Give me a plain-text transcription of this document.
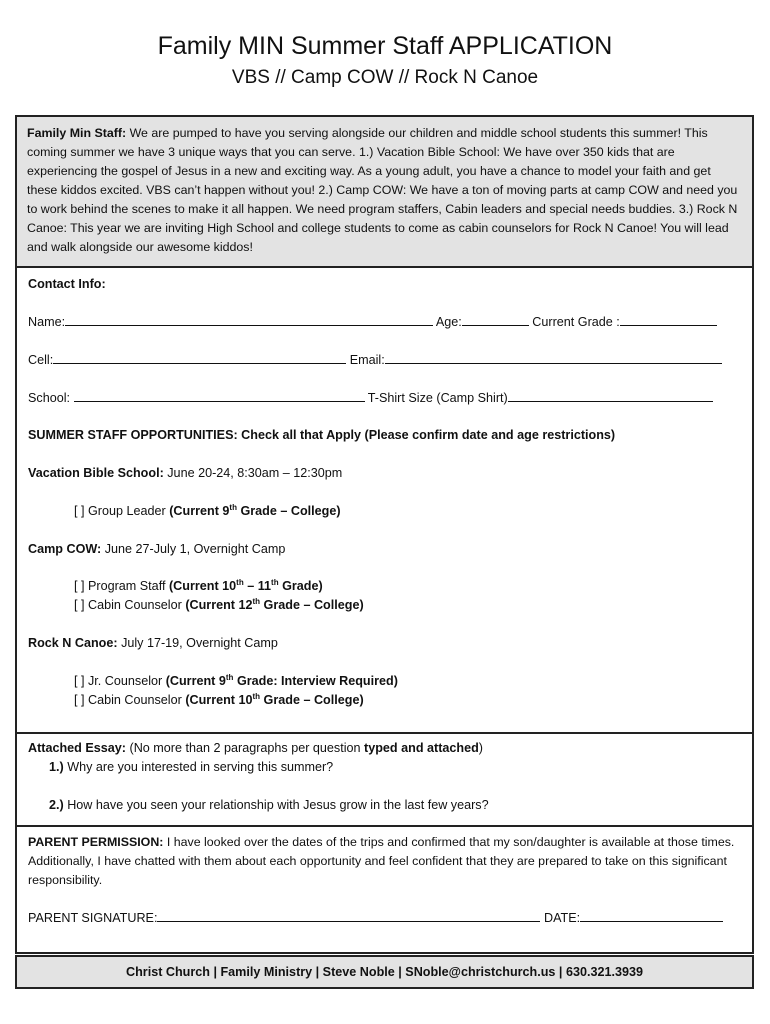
Family MIN Summer Staff APPLICATION
VBS // Camp COW // Rock N Canoe
Family Min Staff: We are pumped to have you serving alongside our children and middle school students this summer! This coming summer we have 3 unique ways that you can serve. 1.) Vacation Bible School: We have over 350 kids that are experiencing the gospel of Jesus in a new and exciting way. As a young adult, you have a chance to model your faith and get these kiddos excited. VBS can’t happen without you! 2.) Camp COW: We have a ton of moving parts at camp COW and need you to work behind the scenes to make it all happen. We need program staffers, Cabin leaders and special needs buddies. 3.) Rock N Canoe: This year we are inviting High School and college students to come as cabin counselors for Rock N Canoe! You will lead and walk alongside our awesome kiddos!
Contact Info:
Name:	Age:	Current Grade :
Cell:	Email:
School:	T-Shirt Size (Camp Shirt)
SUMMER STAFF OPPORTUNITIES: Check all that Apply (Please confirm date and age restrictions)
Vacation Bible School: June 20-24, 8:30am – 12:30pm
[ ] Group Leader (Current 9th Grade – College)
Camp COW: June 27-July 1, Overnight Camp
[ ] Program Staff (Current 10th – 11th Grade)
[ ] Cabin Counselor (Current 12th Grade – College)
Rock N Canoe: July 17-19, Overnight Camp
[ ] Jr. Counselor (Current 9th Grade: Interview Required)
[ ] Cabin Counselor (Current 10th Grade – College)
Attached Essay: (No more than 2 paragraphs per question typed and attached)
1.) Why are you interested in serving this summer?
2.) How have you seen your relationship with Jesus grow in the last few years?
PARENT PERMISSION: I have looked over the dates of the trips and confirmed that my son/daughter is available at those times. Additionally, I have chatted with them about each opportunity and feel confident that they are prepared to take on this significant responsibility.
PARENT SIGNATURE:	DATE:
Christ Church | Family Ministry | Steve Noble | SNoble@christchurch.us | 630.321.3939
